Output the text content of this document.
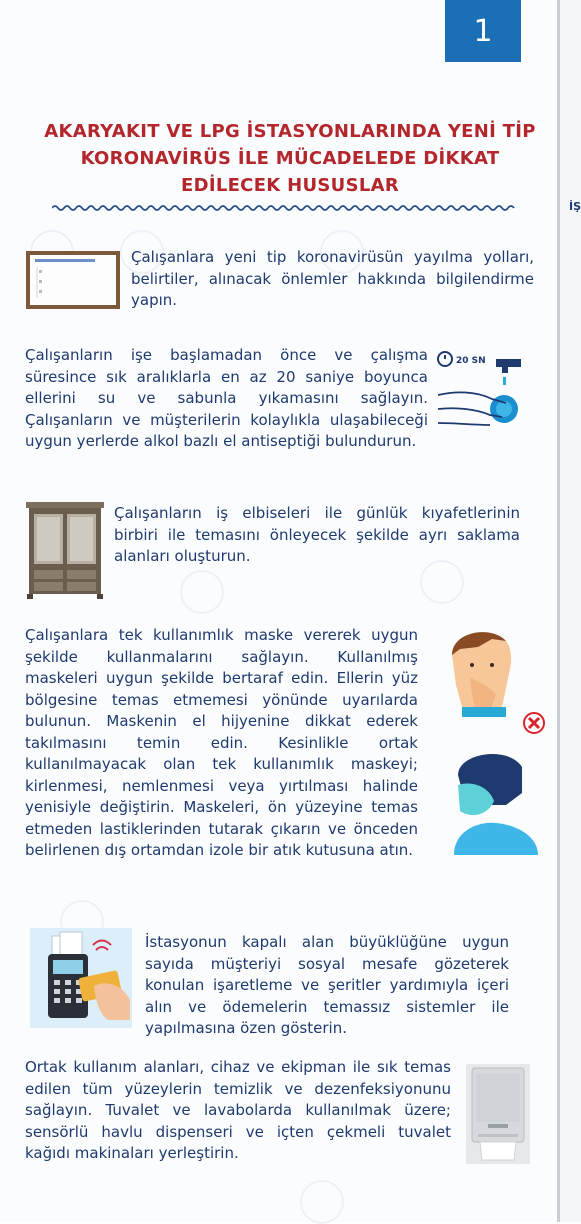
İŞ
1
AKARYAKIT VE LPG İSTASYONLARINDA YENİ TİP KORONAVİRÜS İLE MÜCADELEDE DİKKAT EDİLECEK HUSUSLAR
Çalışanlara yeni tip koronavirüsün yayılma yolları, belirtiler, alınacak önlemler hakkında bilgilendirme yapın.
Çalışanların işe başlamadan önce ve çalışma süresince sık aralıklarla en az 20 saniye boyunca ellerini su ve sabunla yıkamasını sağlayın. Çalışanların ve müşterilerin kolaylıkla ulaşabileceği uygun yerlerde alkol bazlı el antiseptiği bulundurun.
20 SN
Çalışanların iş elbiseleri ile günlük kıyafetlerinin birbiri ile temasını önleyecek şekilde ayrı saklama alanları oluşturun.
Çalışanlara tek kullanımlık maske vererek uygun şekilde kullanmalarını sağlayın. Kullanılmış maskeleri uygun şekilde bertaraf edin. Ellerin yüz bölgesine temas etmemesi yönünde uyarılarda bulunun. Maskenin el hijyenine dikkat ederek takılmasını temin edin. Kesinlikle ortak kullanılmayacak olan tek kullanımlık maskeyi; kirlenmesi, nemlenmesi veya yırtılması halinde yenisiyle değiştirin. Maskeleri, ön yüzeyine temas etmeden lastiklerinden tutarak çıkarın ve önceden belirlenen dış ortamdan izole bir atık kutusuna atın.
İstasyonun kapalı alan büyüklüğüne uygun sayıda müşteriyi sosyal mesafe gözeterek konulan işaretleme ve şeritler yardımıyla içeri alın ve ödemelerin temassız sistemler ile yapılmasına özen gösterin.
Ortak kullanım alanları, cihaz ve ekipman ile sık temas edilen tüm yüzeylerin temizlik ve dezenfeksiyonunu sağlayın. Tuvalet ve lavabolarda kullanılmak üzere; sensörlü havlu dispenseri ve içten çekmeli tuvalet kağıdı makinaları yerleştirin.
